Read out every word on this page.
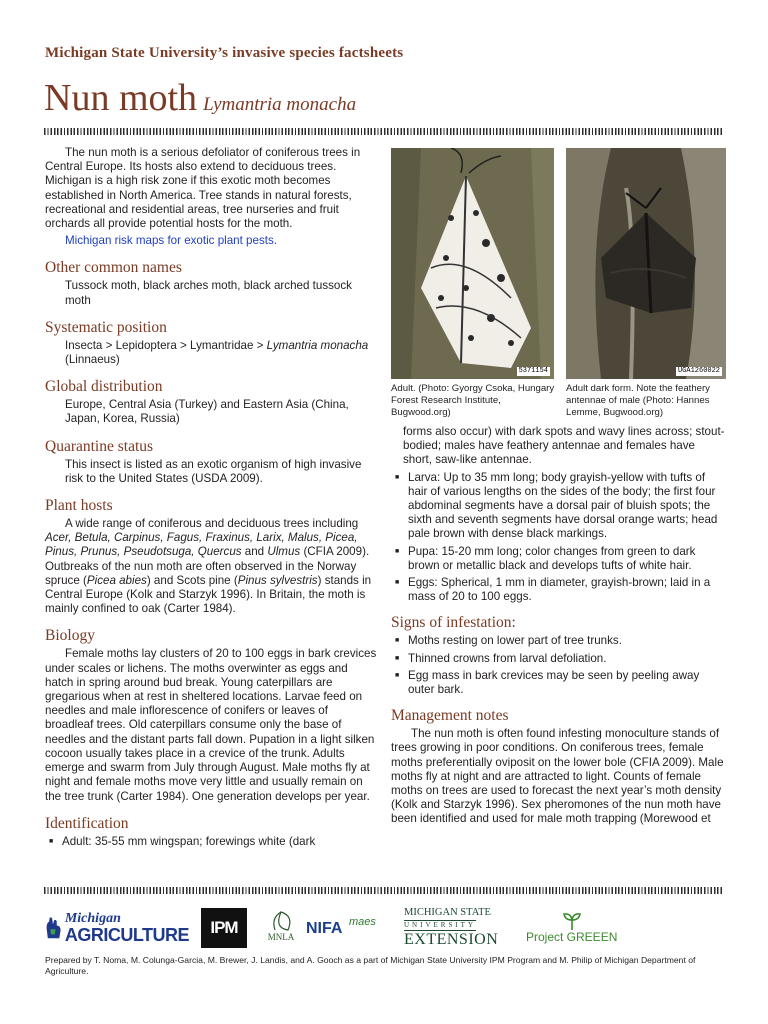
Michigan State University’s invasive species factsheets
Nun moth Lymantria monacha

The nun moth is a serious defoliator of coniferous trees in Central Europe. Its hosts also extend to deciduous trees. Michigan is a high risk zone if this exotic moth becomes established in North America. Tree stands in natural forests, recreational and residential areas, tree nurseries and fruit orchards all provide potential hosts for the moth.

Michigan risk maps for exotic plant pests.
Other common names

Tussock moth, black arches moth, black arched tussock moth

Systematic position

Insecta > Lepidoptera > Lymantridae > Lymantria monacha (Linnaeus)

Global distribution

Europe, Central Asia (Turkey) and Eastern Asia (China, Japan, Korea, Russia)

Quarantine status

This insect is listed as an exotic organism of high invasive risk to the United States (USDA 2009).

Plant hosts

A wide range of coniferous and deciduous trees including Acer, Betula, Carpinus, Fagus, Fraxinus, Larix, Malus, Picea, Pinus, Prunus, Pseudotsuga, Quercus and Ulmus (CFIA 2009). Outbreaks of the nun moth are often observed in the Norway spruce (Picea abies) and Scots pine (Pinus sylvestris) stands in Central Europe (Kolk and Starzyk 1996). In Britain, the moth is mainly confined to oak (Carter 1984).

Biology

Female moths lay clusters of 20 to 100 eggs in bark crevices under scales or lichens. The moths overwinter as eggs and hatch in spring around bud break. Young caterpillars are gregarious when at rest in sheltered locations. Larvae feed on needles and male inflorescence of conifers or leaves of broadleaf trees. Old caterpillars consume only the base of needles and the distant parts fall down. Pupation in a light silken cocoon usually takes place in a crevice of the trunk. Adults emerge and swarm from July through August. Male moths fly at night and female moths move very little and usually remain on the tree trunk (Carter 1984). One generation develops per year.

Identification
■ Adult: 35-55 mm wingspan; forewings white (dark
5371154	UGA1260022
Adult. (Photo: Gyorgy Csoka, Hungary Forest Research Institute, Bugwood.org)
Adult dark form. Note the feathery antennae of male (Photo: Hannes Lemme, Bugwood.org)

forms also occur) with dark spots and wavy lines across; stout-bodied; males have feathery antennae and females have short, saw-like antennae.

■ Larva: Up to 35 mm long; body grayish-yellow with tufts of hair of various lengths on the sides of the body; the first four abdominal segments have a dorsal pair of bluish spots; the sixth and seventh segments have dorsal orange warts; head pale brown with dense black markings.
■ Pupa: 15-20 mm long; color changes from green to dark brown or metallic black and develops tufts of white hair.
■ Eggs: Spherical, 1 mm in diameter, grayish-brown; laid in a mass of 20 to 100 eggs.
Signs of infestation:
■ Moths resting on lower part of tree trunks.
■ Thinned crowns from larval defoliation.
■ Egg mass in bark crevices may be seen by peeling away outer bark.
Management notes

The nun moth is often found infesting monoculture stands of trees growing in poor conditions. On coniferous trees, female moths preferentially oviposit on the lower bole (CFIA 2009). Male moths fly at night and are attracted to light. Counts of female moths on trees are used to forecast the next year’s moth density (Kolk and Starzyk 1996). Sex pheromones of the nun moth have been identified and used for male moth trapping (Morewood et

Michigan
AGRICULTURE	IPM	MNLA NIFA maes
MICHIGAN STATE
UNIVERSITY
EXTENSION Project GREEEN
Prepared by T. Noma, M. Colunga-Garcia, M. Brewer, J. Landis, and A. Gooch as a part of Michigan State University IPM Program and M. Philip of Michigan Department of Agriculture.
